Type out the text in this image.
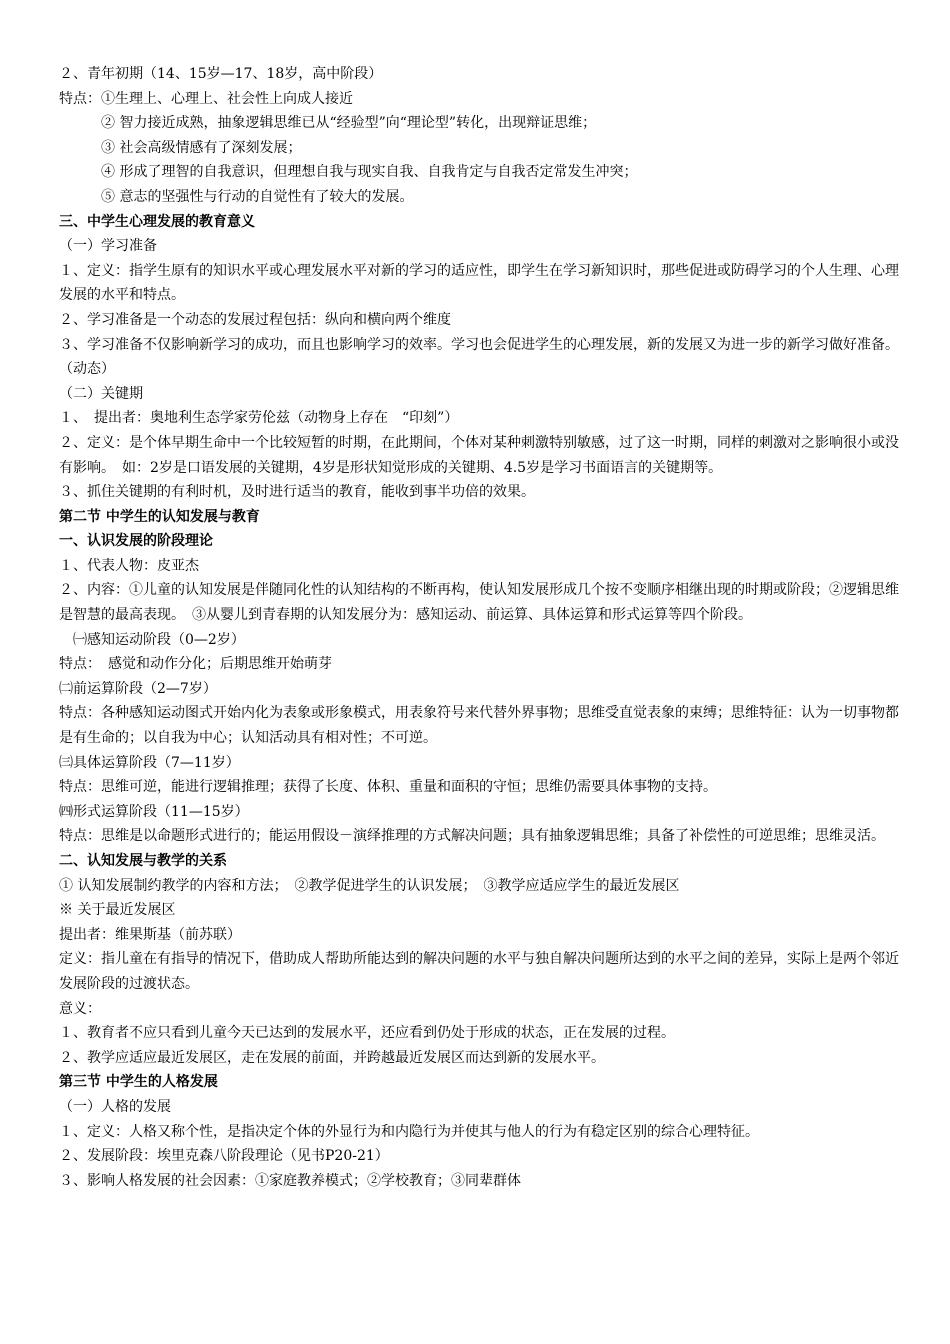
２、青年初期（14、15岁—17、18岁，高中阶段）

特点：①生理上、心理上、社会性上向成人接近

② 智力接近成熟，抽象逻辑思维已从“经验型”向“理论型”转化，出现辩证思维；

③ 社会高级情感有了深刻发展；

④ 形成了理智的自我意识，但理想自我与现实自我、自我肯定与自我否定常发生冲突；

⑤ 意志的坚强性与行动的自觉性有了较大的发展。

三、中学生心理发展的教育意义

（一）学习准备

１、定义：指学生原有的知识水平或心理发展水平对新的学习的适应性，即学生在学习新知识时，那些促进或防碍学习的个人生理、心理发展的水平和特点。

２、学习准备是一个动态的发展过程包括：纵向和横向两个维度

３、学习准备不仅影响新学习的成功，而且也影响学习的效率。学习也会促进学生的心理发展，新的发展又为进一步的新学习做好准备。（动态）

（二）关键期

１、　提出者：奥地利生态学家劳伦兹（动物身上存在　“印刻”）

２、定义：是个体早期生命中一个比较短暂的时期，在此期间，个体对某种刺激特别敏感，过了这一时期，同样的刺激对之影响很小或没有影响。　如：2岁是口语发展的关键期，4岁是形状知觉形成的关键期、4.5岁是学习书面语言的关键期等。

３、抓住关键期的有利时机，及时进行适当的教育，能收到事半功倍的效果。

第二节 中学生的认知发展与教育

一、认识发展的阶段理论

１、代表人物：皮亚杰

２、内容：①儿童的认知发展是伴随同化性的认知结构的不断再构，使认知发展形成几个按不变顺序相继出现的时期或阶段；②逻辑思维是智慧的最高表现。　③从婴儿到青春期的认知发展分为：感知运动、前运算、具体运算和形式运算等四个阶段。

㈠感知运动阶段（0—2岁）

特点：　感觉和动作分化；后期思维开始萌芽

㈡前运算阶段（2—7岁）

特点：各种感知运动图式开始内化为表象或形象模式，用表象符号来代替外界事物；思维受直觉表象的束缚；思维特征：认为一切事物都是有生命的；以自我为中心；认知活动具有相对性；不可逆。

㈢具体运算阶段（7—11岁）

特点：思维可逆，能进行逻辑推理；获得了长度、体积、重量和面积的守恒；思维仍需要具体事物的支持。

㈣形式运算阶段（11—15岁）

特点：思维是以命题形式进行的；能运用假设－演绎推理的方式解决问题；具有抽象逻辑思维；具备了补偿性的可逆思维；思维灵活。

二、认知发展与教学的关系

① 认知发展制约教学的内容和方法；　②教学促进学生的认识发展；　③教学应适应学生的最近发展区

※ 关于最近发展区

提出者：维果斯基（前苏联）

定义：指儿童在有指导的情况下，借助成人帮助所能达到的解决问题的水平与独自解决问题所达到的水平之间的差异，实际上是两个邻近发展阶段的过渡状态。

意义：

１、教育者不应只看到儿童今天已达到的发展水平，还应看到仍处于形成的状态，正在发展的过程。

２、教学应适应最近发展区，走在发展的前面，并跨越最近发展区而达到新的发展水平。

第三节 中学生的人格发展

（一）人格的发展

１、定义：人格又称个性，是指决定个体的外显行为和内隐行为并使其与他人的行为有稳定区别的综合心理特征。

２、发展阶段：埃里克森八阶段理论（见书P20-21）

３、影响人格发展的社会因素：①家庭教养模式；②学校教育；③同辈群体
